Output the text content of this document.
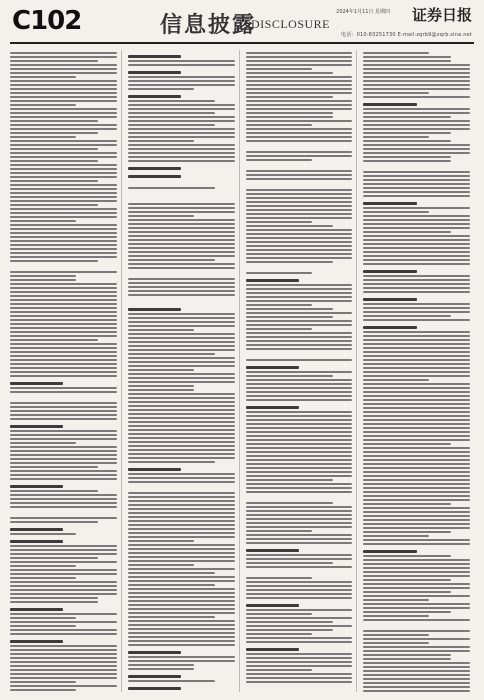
C102	信息披露
DISCLOSURE
2024年1月11日 星期四 证券日报
电话：010-83251730 E-mail:zqrb9@zqrb.sina.net
